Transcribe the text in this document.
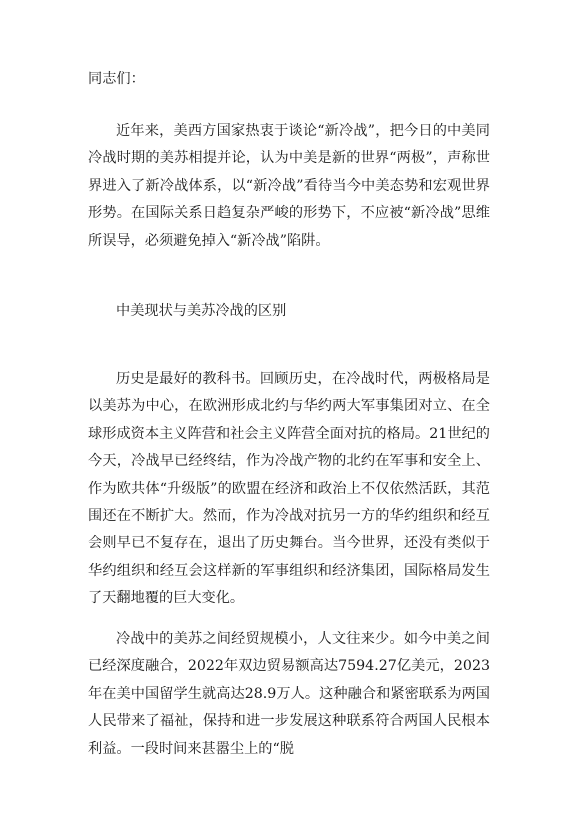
同志们：

近年来，美西方国家热衷于谈论“新冷战”，把今日的中美同冷战时期的美苏相提并论，认为中美是新的世界“两极”，声称世界进入了新冷战体系，以“新冷战”看待当今中美态势和宏观世界形势。在国际关系日趋复杂严峻的形势下，不应被“新冷战”思维所误导，必须避免掉入“新冷战”陷阱。

中美现状与美苏冷战的区别

历史是最好的教科书。回顾历史，在冷战时代，两极格局是以美苏为中心，在欧洲形成北约与华约两大军事集团对立、在全球形成资本主义阵营和社会主义阵营全面对抗的格局。21世纪的今天，冷战早已经终结，作为冷战产物的北约在军事和安全上、作为欧共体“升级版”的欧盟在经济和政治上不仅依然活跃，其范围还在不断扩大。然而，作为冷战对抗另一方的华约组织和经互会则早已不复存在，退出了历史舞台。当今世界，还没有类似于华约组织和经互会这样新的军事组织和经济集团，国际格局发生了天翻地覆的巨大变化。

冷战中的美苏之间经贸规模小，人文往来少。如今中美之间已经深度融合，2022年双边贸易额高达7594.27亿美元，2023年在美中国留学生就高达28.9万人。这种融合和紧密联系为两国人民带来了福祉，保持和进一步发展这种联系符合两国人民根本利益。一段时间来甚嚣尘上的“脱
